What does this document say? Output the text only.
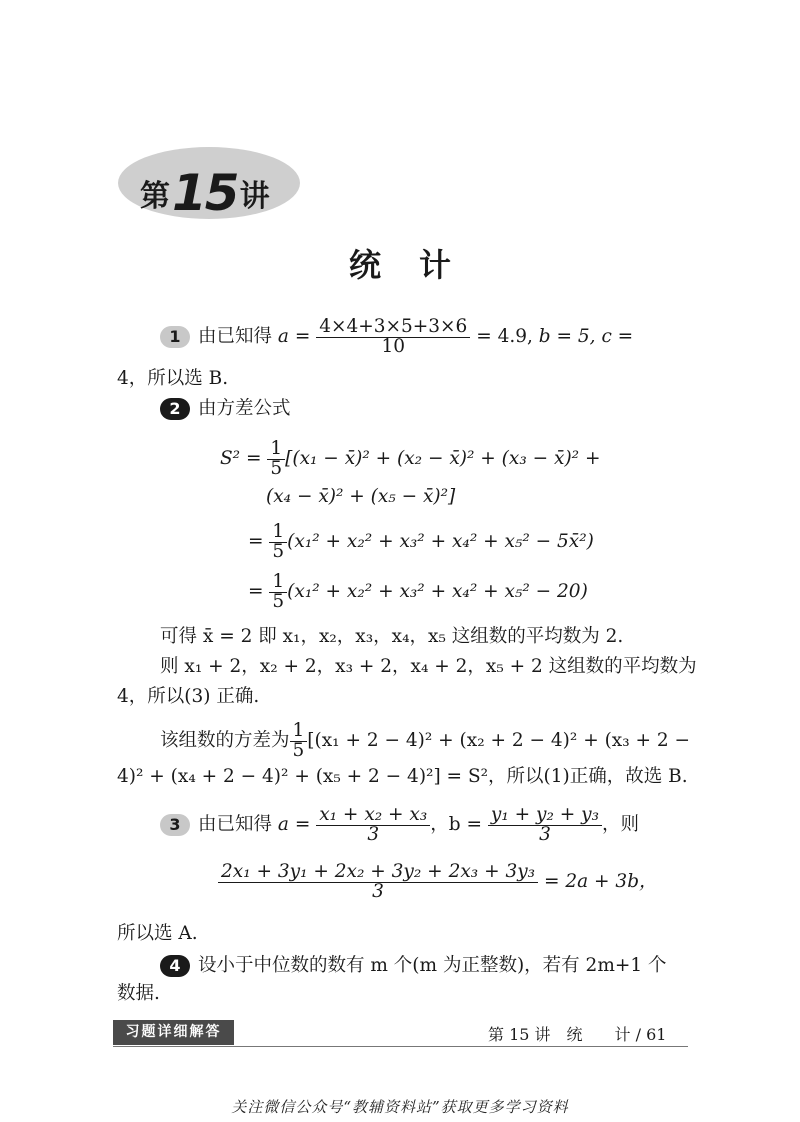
第15讲
统计
1 由已知得 $a = \frac{4\times 4+3\times 5+3\times 6}{10} = 4.9$, b = 5, c =
4，所以选 B.
2 由方差公式
$S^2 = \frac{1}{5} [(x_1$ − x̄)² + (x₂ − x̄)² + (x₃ − x̄)² +
(x₄ − x̄)² + (x₅ − x̄)²]
= $\frac{1}{5} (x_1^2 + x_2^2 + x_3^2 + x_4^2 + x_5^2$ − 5x̄²)
= $\frac{1}{5} (x_1^2 + x_2^2 + x_3^2 + x_4^2 + x_5^2 - 20)$
可得 x̄ = 2 即 x₁，x₂，x₃，x₄，x₅ 这组数的平均数为 2.
则 x₁ + 2，x₂ + 2，x₃ + 2，x₄ + 2，x₅ + 2 这组数的平均数为
4，所以(3) 正确.
该组数的方差为 $\frac{1}{5} [(x_1 + 2 - 4)^2 + (x_2 + 2 - 4)^2 + (x_3 + 2$ −
4)² + (x₄ + 2 − 4)² + (x₅ + 2 − 4)²] = S²，所以(1)正确，故选 B.
3 由已知得 $a = \frac{\text{x₁ + x₂ + x₃}}{3}$ ，$b = \frac{\text{y₁ + y₂ + y₃}}{3}$ ，则
$\frac{\text{2x₁ + 3y₁ + 2x₂ + 3y₂ + 2x₃ + 3y₃}}{3} = 2a + 3b$，
所以选 A.
4 设小于中位数的数有 m 个(m 为正整数)，若有 2m+1 个
数据.
习题详细解答	第 15 讲　统　　计 / 61
关注微信公众号“教辅资料站”获取更多学习资料
